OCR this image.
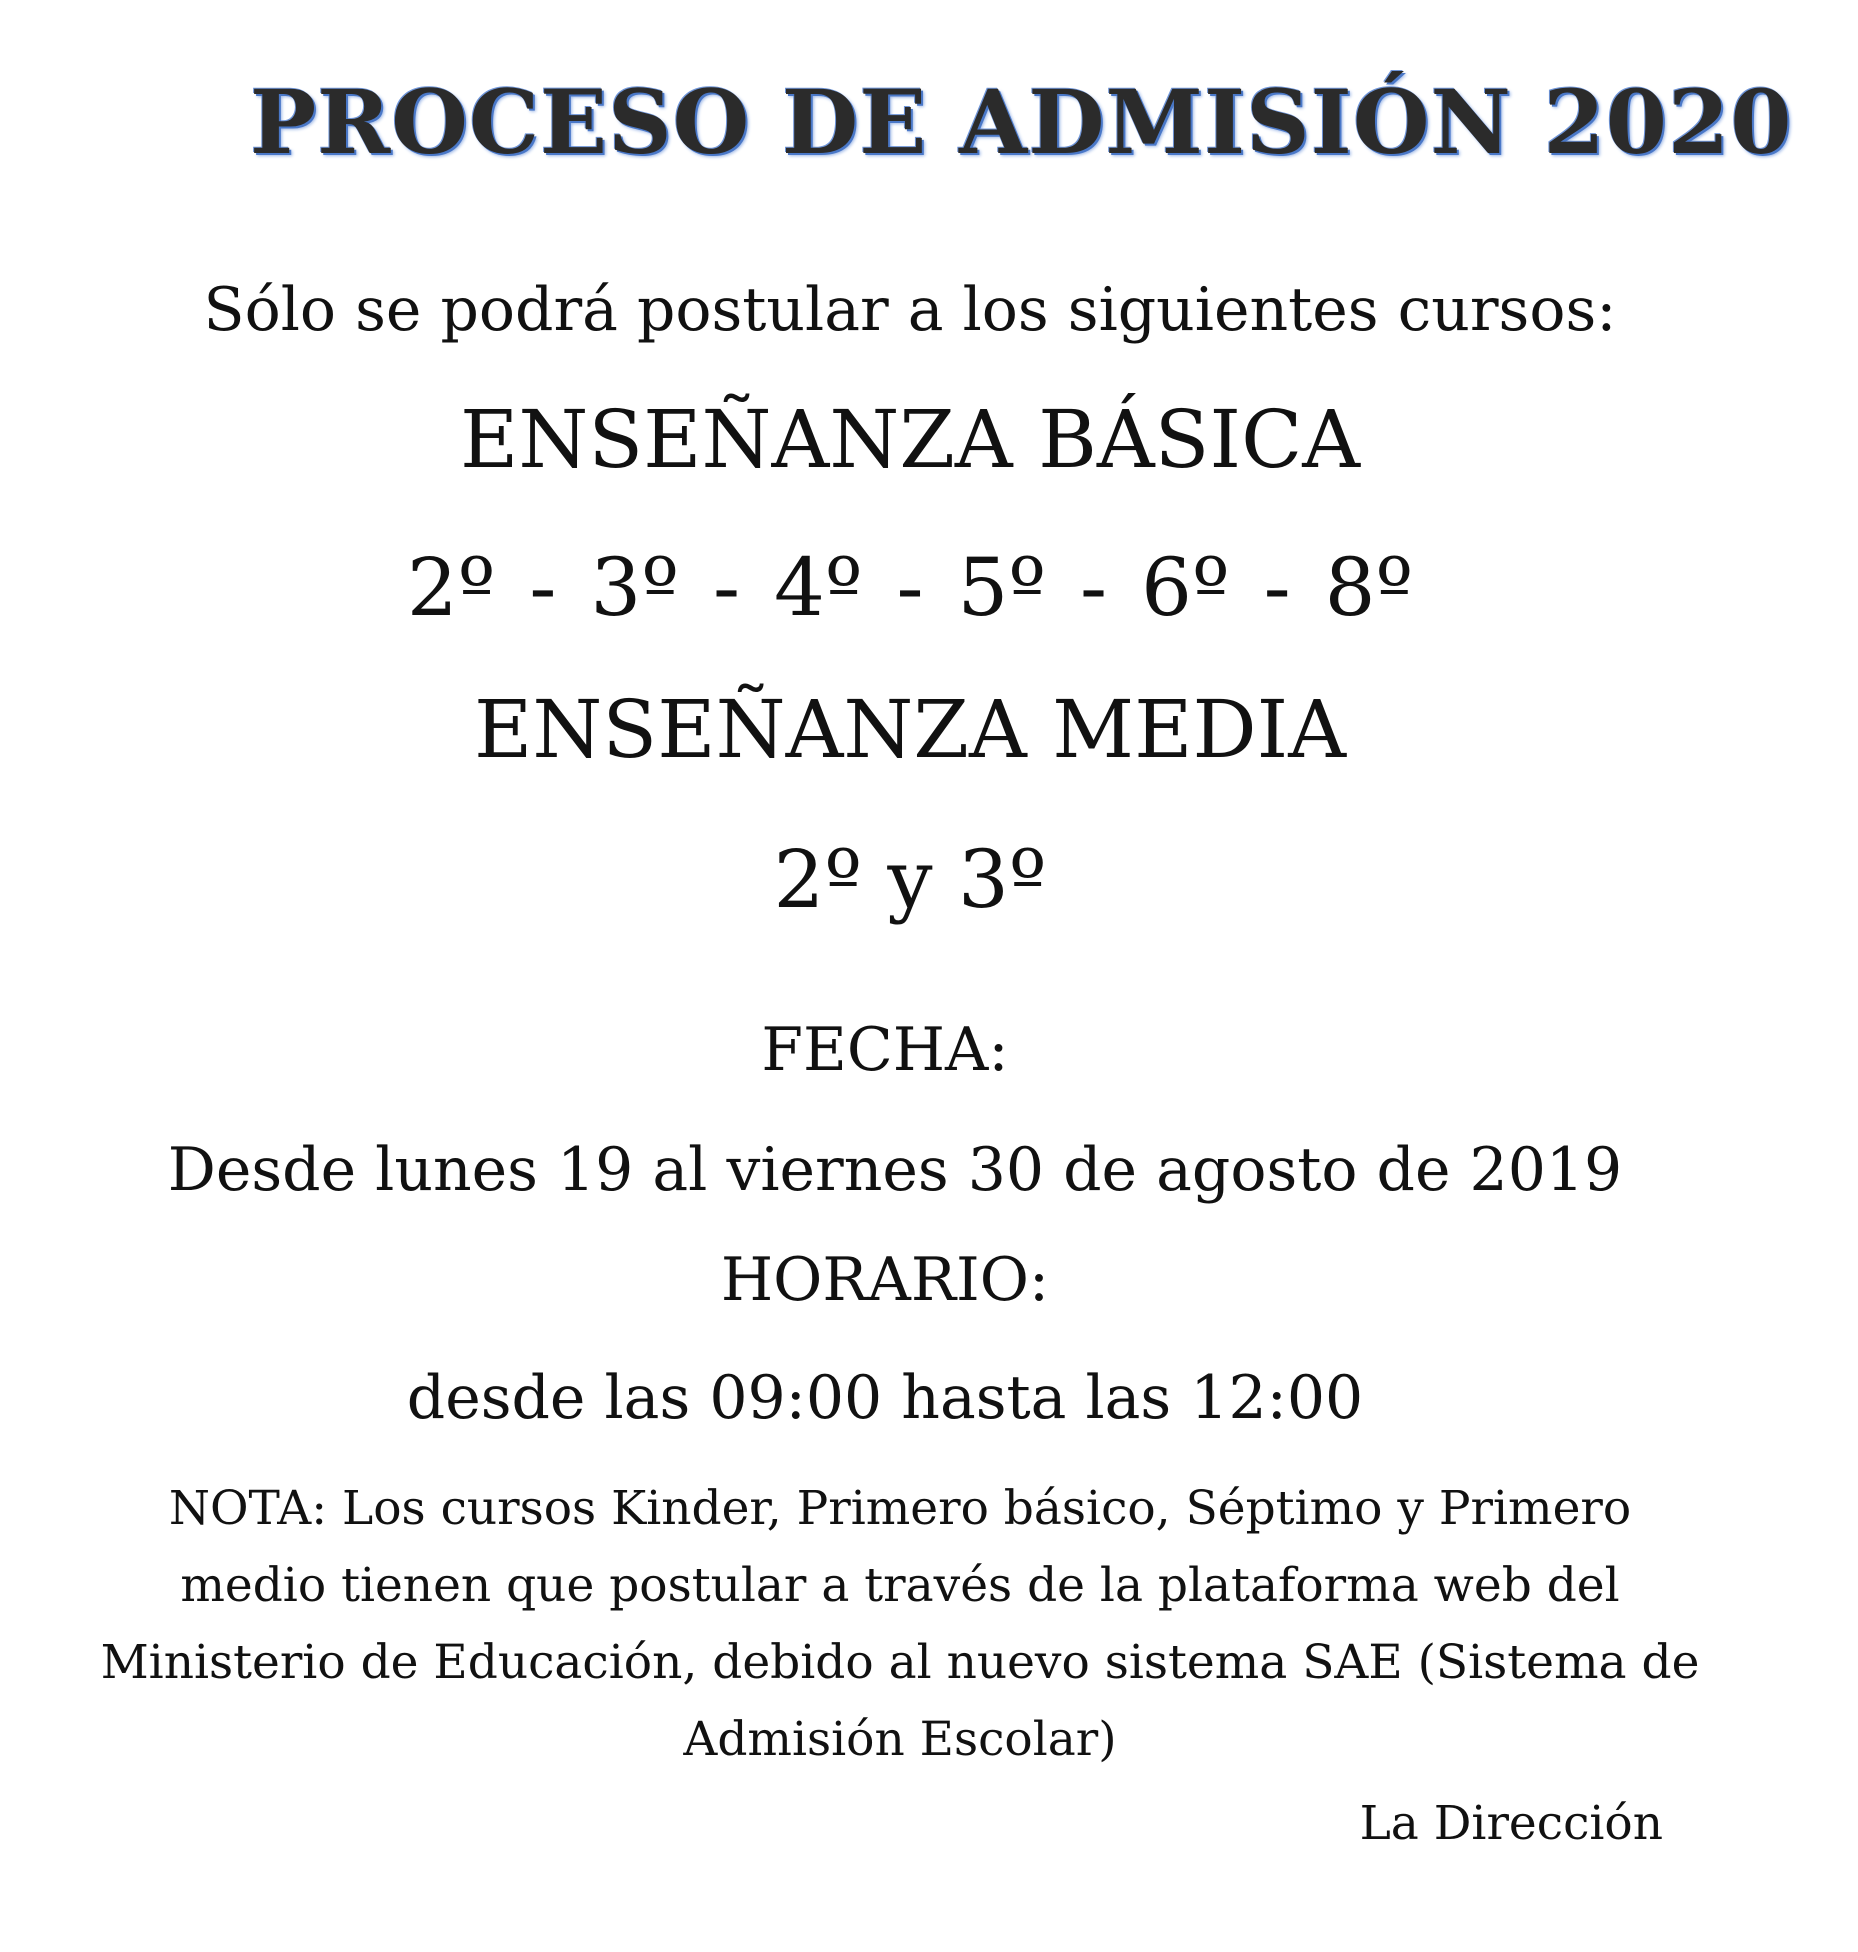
PROCESO DE ADMISIÓN 2020
Sólo se podrá postular a los siguientes cursos:
ENSEÑANZA BÁSICA
2º - 3º - 4º - 5º - 6º - 8º
ENSEÑANZA MEDIA
2º y 3º
FECHA:
Desde lunes 19 al viernes 30 de agosto de 2019
HORARIO:
desde las 09:00 hasta las 12:00
NOTA: Los cursos Kinder, Primero básico, Séptimo y Primero medio tienen que postular a través de la plataforma web del Ministerio de Educación, debido al nuevo sistema SAE (Sistema de Admisión Escolar)
La Dirección
